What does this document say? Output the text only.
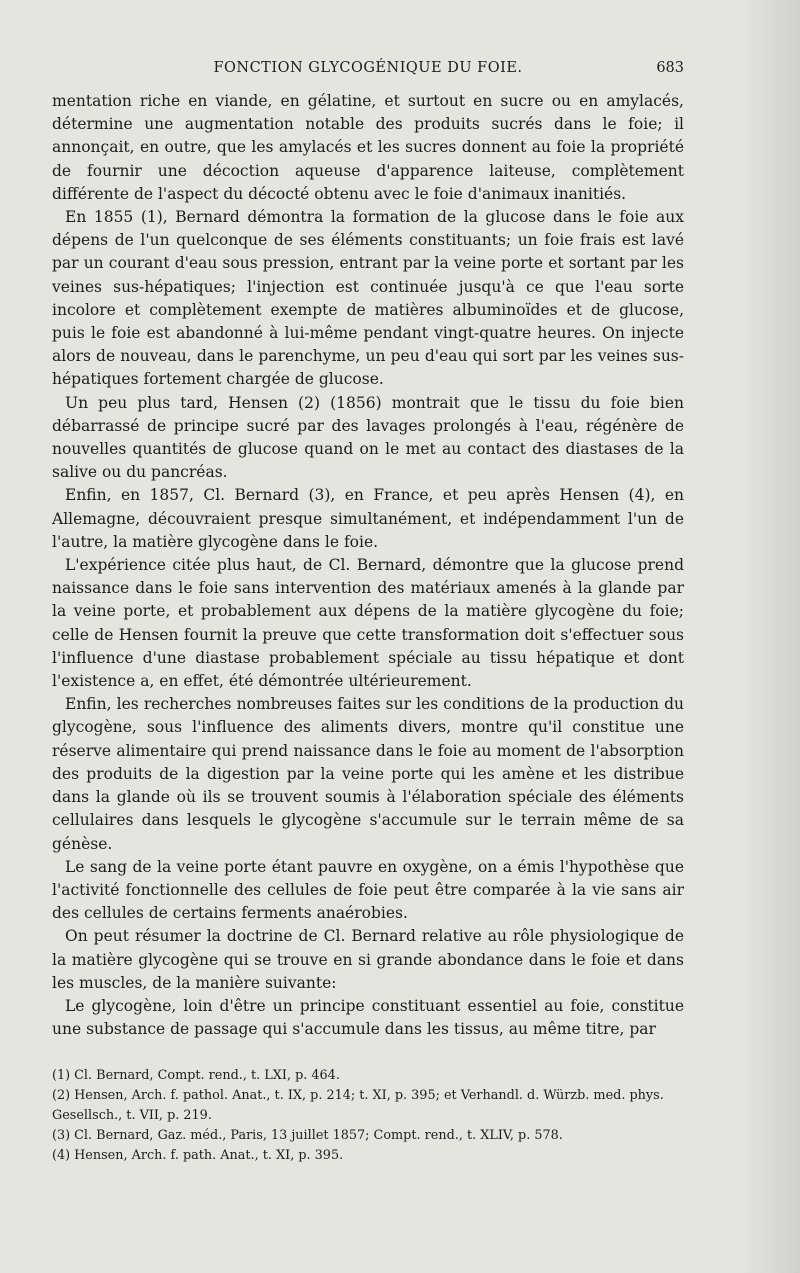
FONCTION GLYCOGÉNIQUE DU FOIE.	683

mentation riche en viande, en gélatine, et surtout en sucre ou en amylacés, détermine une augmentation notable des produits sucrés dans le foie; il annonçait, en outre, que les amylacés et les sucres donnent au foie la propriété de fournir une décoction aqueuse d'apparence laiteuse, complètement différente de l'aspect du décocté obtenu avec le foie d'animaux inanitiés.

En 1855 (1), Bernard démontra la formation de la glucose dans le foie aux dépens de l'un quelconque de ses éléments constituants; un foie frais est lavé par un courant d'eau sous pression, entrant par la veine porte et sortant par les veines sus-hépatiques; l'injection est continuée jusqu'à ce que l'eau sorte incolore et complètement exempte de matières albuminoïdes et de glucose, puis le foie est abandonné à lui-même pendant vingt-quatre heures. On injecte alors de nouveau, dans le parenchyme, un peu d'eau qui sort par les veines sus-hépatiques fortement chargée de glucose.

Un peu plus tard, Hensen (2) (1856) montrait que le tissu du foie bien débarrassé de principe sucré par des lavages prolongés à l'eau, régénère de nouvelles quantités de glucose quand on le met au contact des diastases de la salive ou du pancréas.

Enfin, en 1857, Cl. Bernard (3), en France, et peu après Hensen (4), en Allemagne, découvraient presque simultanément, et indépendamment l'un de l'autre, la matière glycogène dans le foie.

L'expérience citée plus haut, de Cl. Bernard, démontre que la glucose prend naissance dans le foie sans intervention des matériaux amenés à la glande par la veine porte, et probablement aux dépens de la matière glycogène du foie; celle de Hensen fournit la preuve que cette transformation doit s'effectuer sous l'influence d'une diastase probablement spéciale au tissu hépatique et dont l'existence a, en effet, été démontrée ultérieurement.

Enfin, les recherches nombreuses faites sur les conditions de la production du glycogène, sous l'influence des aliments divers, montre qu'il constitue une réserve alimentaire qui prend naissance dans le foie au moment de l'absorption des produits de la digestion par la veine porte qui les amène et les distribue dans la glande où ils se trouvent soumis à l'élaboration spéciale des éléments cellulaires dans lesquels le glycogène s'accumule sur le terrain même de sa génèse.

Le sang de la veine porte étant pauvre en oxygène, on a émis l'hypothèse que l'activité fonctionnelle des cellules de foie peut être comparée à la vie sans air des cellules de certains ferments anaérobies.

On peut résumer la doctrine de Cl. Bernard relative au rôle physiologique de la matière glycogène qui se trouve en si grande abondance dans le foie et dans les muscles, de la manière suivante:

Le glycogène, loin d'être un principe constituant essentiel au foie, constitue une substance de passage qui s'accumule dans les tissus, au même titre, par

(1) Cl. Bernard, Compt. rend., t. LXI, p. 464.

(2) Hensen, Arch. f. pathol. Anat., t. IX, p. 214; t. XI, p. 395; et Verhandl. d. Würzb. med. phys. Gesellsch., t. VII, p. 219.

(3) Cl. Bernard, Gaz. méd., Paris, 13 juillet 1857; Compt. rend., t. XLIV, p. 578.

(4) Hensen, Arch. f. path. Anat., t. XI, p. 395.
